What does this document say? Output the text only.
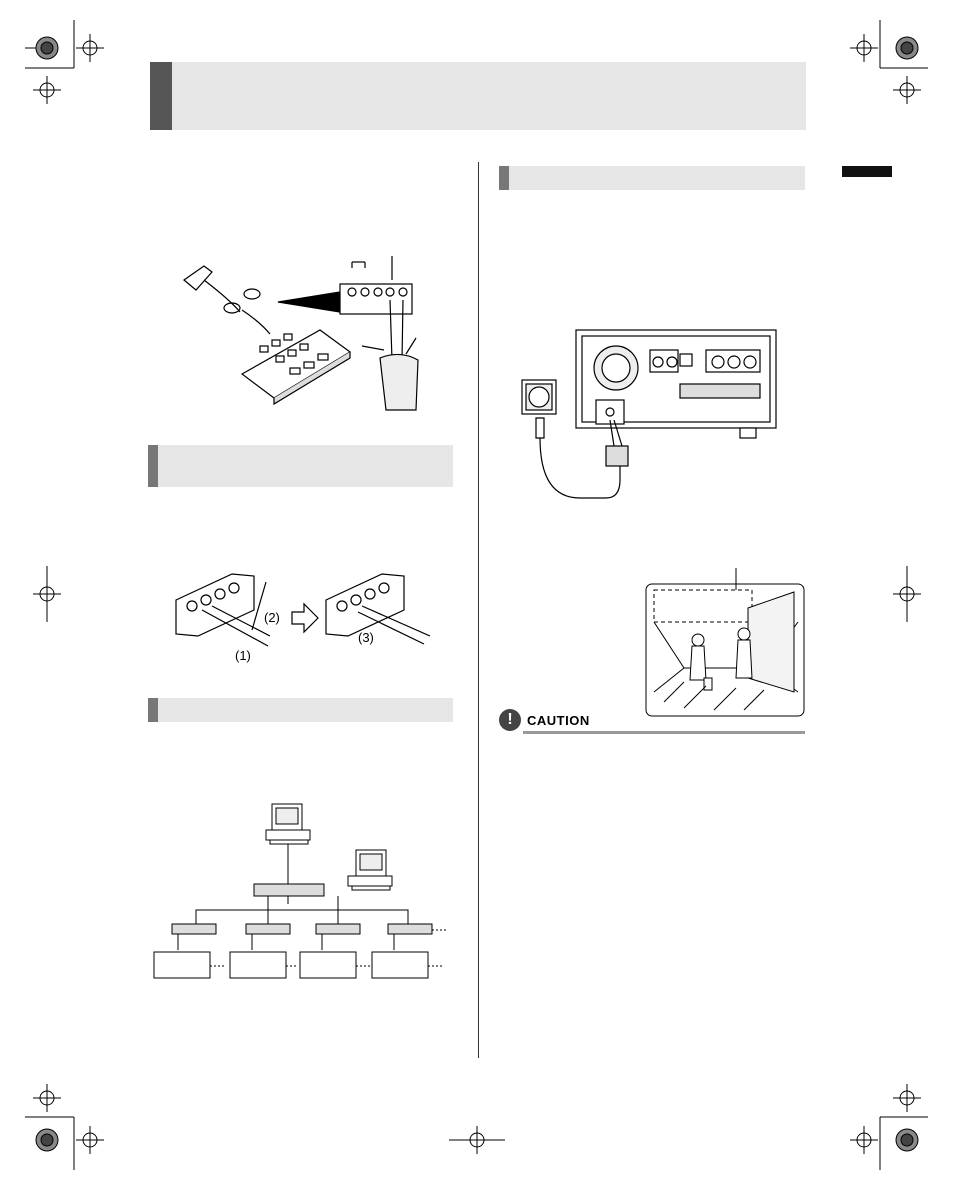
(1)
(2)
(3)
!	CAUTION
